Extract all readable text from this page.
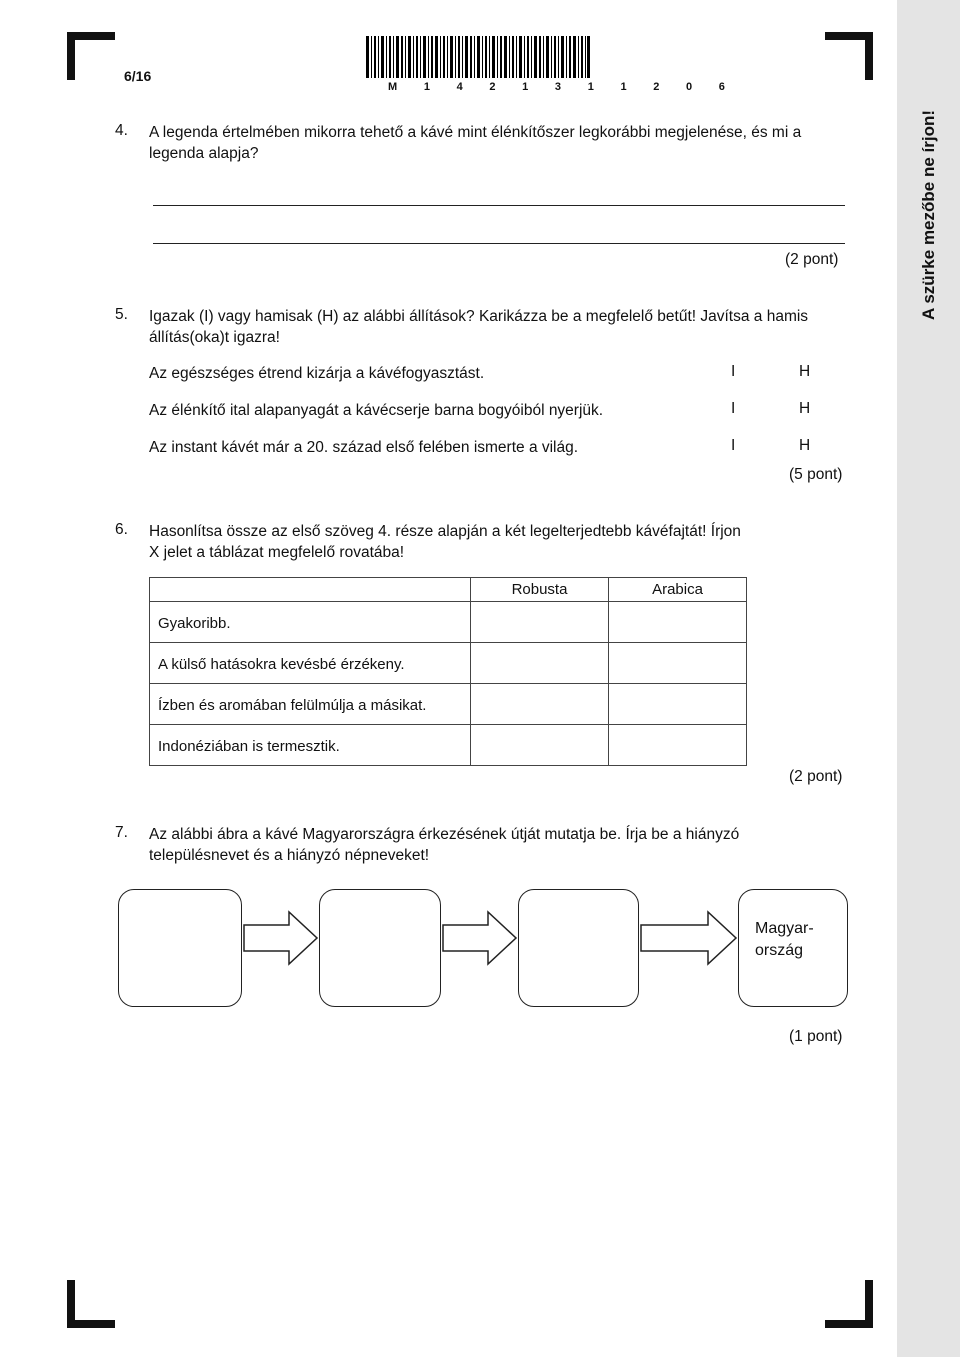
A szürke mezőbe ne írjon!
6/16
M 1 4 2 1 3 1 1 2 0 6
4. A legenda értelmében mikorra tehető a kávé mint élénkítőszer legkorábbi megjelenése, és mi a
legenda alapja?
(2 pont)
5. Igazak (I) vagy hamisak (H) az alábbi állítások? Karikázza be a megfelelő betűt! Javítsa a hamis
állítás(oka)t igazra!
Az egészséges étrend kizárja a kávéfogyasztást.	I	H
Az élénkítő ital alapanyagát a kávécserje barna bogyóiból nyerjük.	I	H
Az instant kávét már a 20. század első felében ismerte a világ.	I	H
(5 pont)
6. Hasonlítsa össze az első szöveg 4. része alapján a két legelterjedtebb kávéfajtát! Írjon
X jelet a táblázat megfelelő rovatába!
	Robusta	Arabica
Gyakoribb.		
A külső hatásokra kevésbé érzékeny.		
Ízben és aromában felülmúlja a másikat.		
Indonéziában is termesztik.		
(2 pont)
7. Az alábbi ábra a kávé Magyarországra érkezésének útját mutatja be. Írja be a hiányzó
településnevet és a hiányzó népneveket!
Magyar-
ország
(1 pont)
